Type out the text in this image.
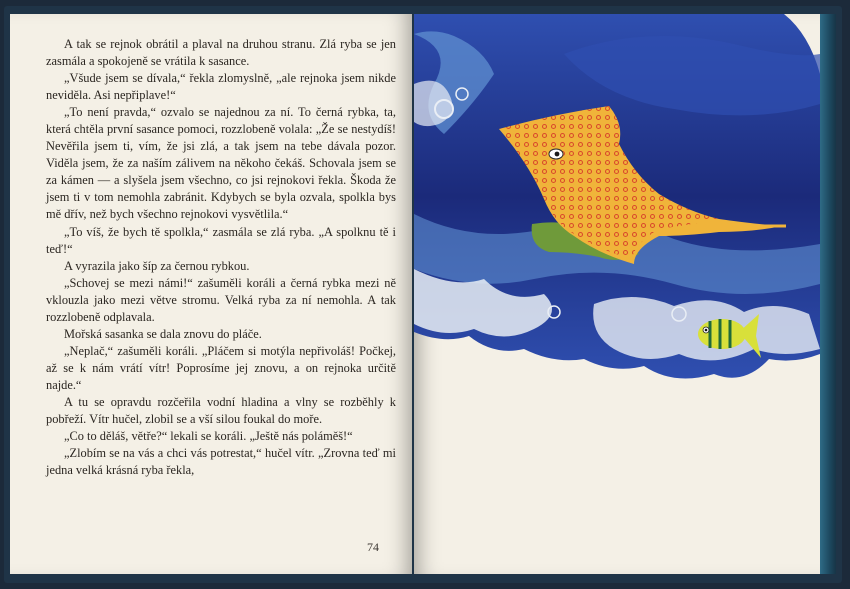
A tak se rejnok obrátil a plaval na druhou stranu. Zlá ryba se jen zasmála a spokojeně se vrátila k sasance.

„Všude jsem se dívala,“ řekla zlomyslně, „ale rejnoka jsem nikde neviděla. Asi nepřiplave!“

„To není pravda,“ ozvalo se najednou za ní. To černá rybka, ta, která chtěla první sasance pomoci, rozzlobeně volala: „Že se nestydíš! Nevěřila jsem ti, vím, že jsi zlá, a tak jsem na tebe dávala pozor. Viděla jsem, že za naším zálivem na někoho čekáš. Schovala jsem se za kámen — a slyšela jsem všechno, co jsi rejnokovi řekla. Škoda že jsem ti v tom nemohla zabránit. Kdybych se byla ozvala, spolkla bys mě dřív, než bych všechno rejnokovi vysvětlila.“

„To víš, že bych tě spolkla,“ zasmála se zlá ryba. „A spolknu tě i teď!“

A vyrazila jako šíp za černou rybkou.

„Schovej se mezi námi!“ zašuměli koráli a černá rybka mezi ně vklouzla jako mezi větve stromu. Velká ryba za ní nemohla. A tak rozzlobeně odplavala.

Mořská sasanka se dala znovu do pláče.

„Neplač,“ zašuměli koráli. „Pláčem si motýla nepřivoláš! Počkej, až se k nám vrátí vítr! Poprosíme jej znovu, a on rejnoka určitě najde.“

A tu se opravdu rozčeřila vodní hladina a vlny se rozběhly k pobřeží. Vítr hučel, zlobil se a vší silou foukal do moře.

„Co to děláš, větře?“ lekali se koráli. „Ještě nás poláměš!“

„Zlobím se na vás a chci vás potrestat,“ hučel vítr. „Zrovna teď mi jedna velká krásná ryba řekla,

74
